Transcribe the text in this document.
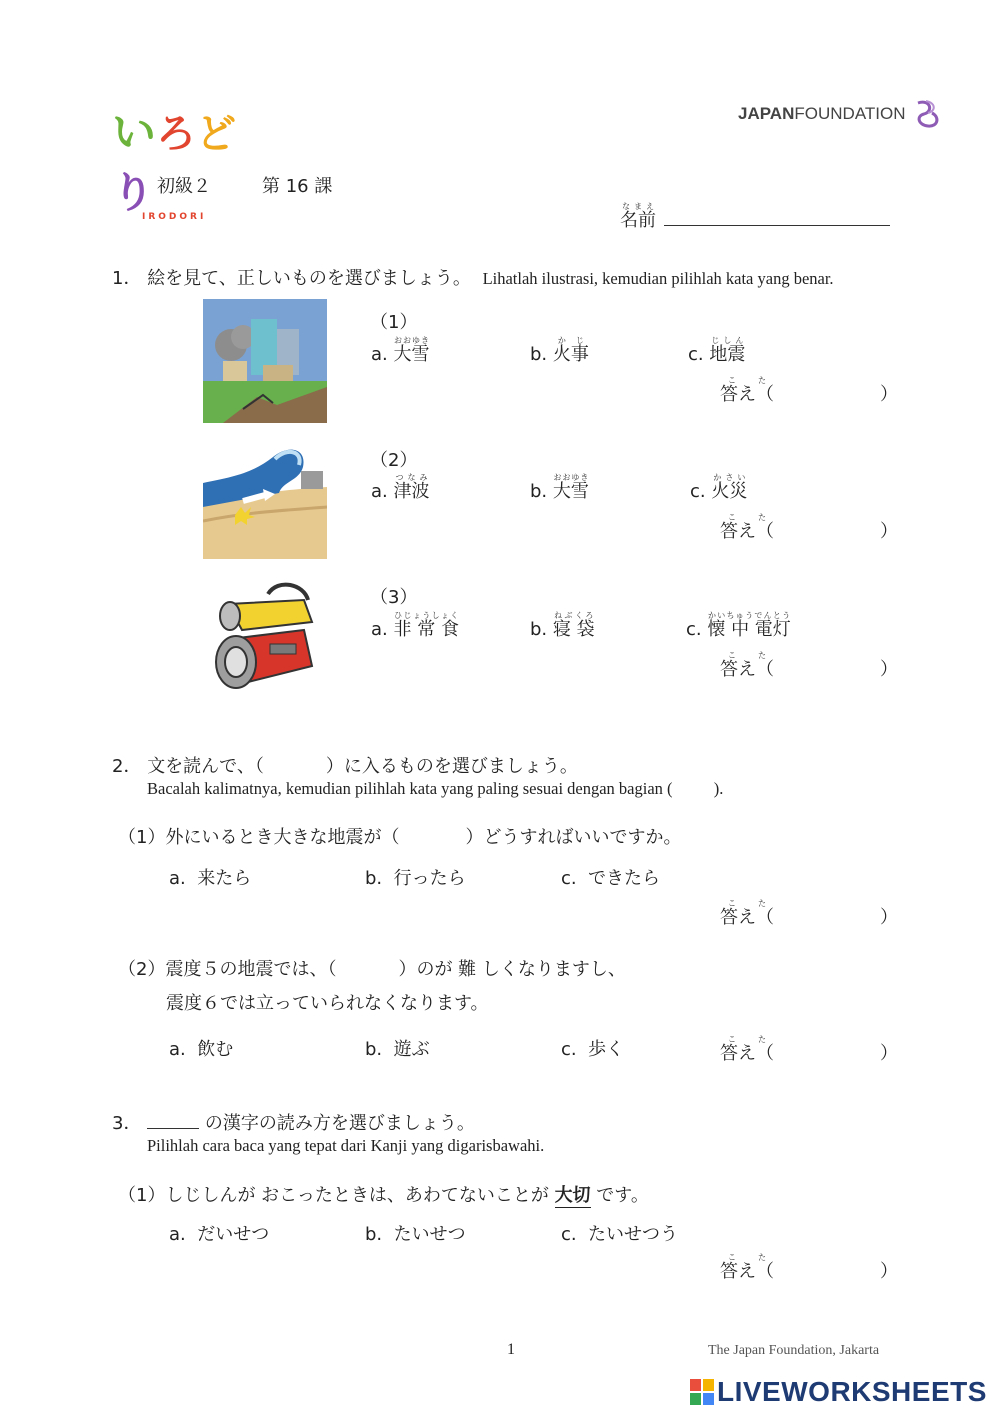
いろどり
IRODORI
JAPAN FOUNDATION
初級２	第 16 課
名前なまえ
1． 絵を見て、正しいものを選びましょう。 Lihatlah ilustrasi, kemudian pilihlah kata yang benar.
（1）
a. 大雪おおゆき
b. 火事かじ
c. 地震じしん
答え（こた
）
（2）
a. 津波つなみ
b. 大雪おおゆき
c. 火災かさい
答え（こた
）
（3）
a. 非 常 食ひじょうしょく
b. 寝 袋ねぶくろ
c. 懐 中 電灯かいちゅうでんとう
答え（こた
）
2． 文を読んで、（	）に入るものを選びましょう。
Bacalah kalimatnya, kemudian pilihlah kata yang paling sesuai dengan bagian (          ).
（1）外にいるとき大きな地震が（	）どうすればいいですか。
a.  来たら	b.  行ったら	c.  できたら
答え（こた
）
（2）震度５の地震では、（	）のが 難 しくなりますし、
震度６では立っていられなくなります。
a.  飲む	b.  遊ぶ	c.  歩く	答え（こた
）
3．	の漢字の読み方を選びましょう。
Pilihlah cara baca yang tepat dari Kanji yang digarisbawahi.
（1）しじしんが おこったときは、あわてないことが 大切 です。
a.  だいせつ	b.  たいせつ	c.  たいせつう
答え（こた
）
1	The Japan Foundation, Jakarta
LIVEWORKSHEETS
